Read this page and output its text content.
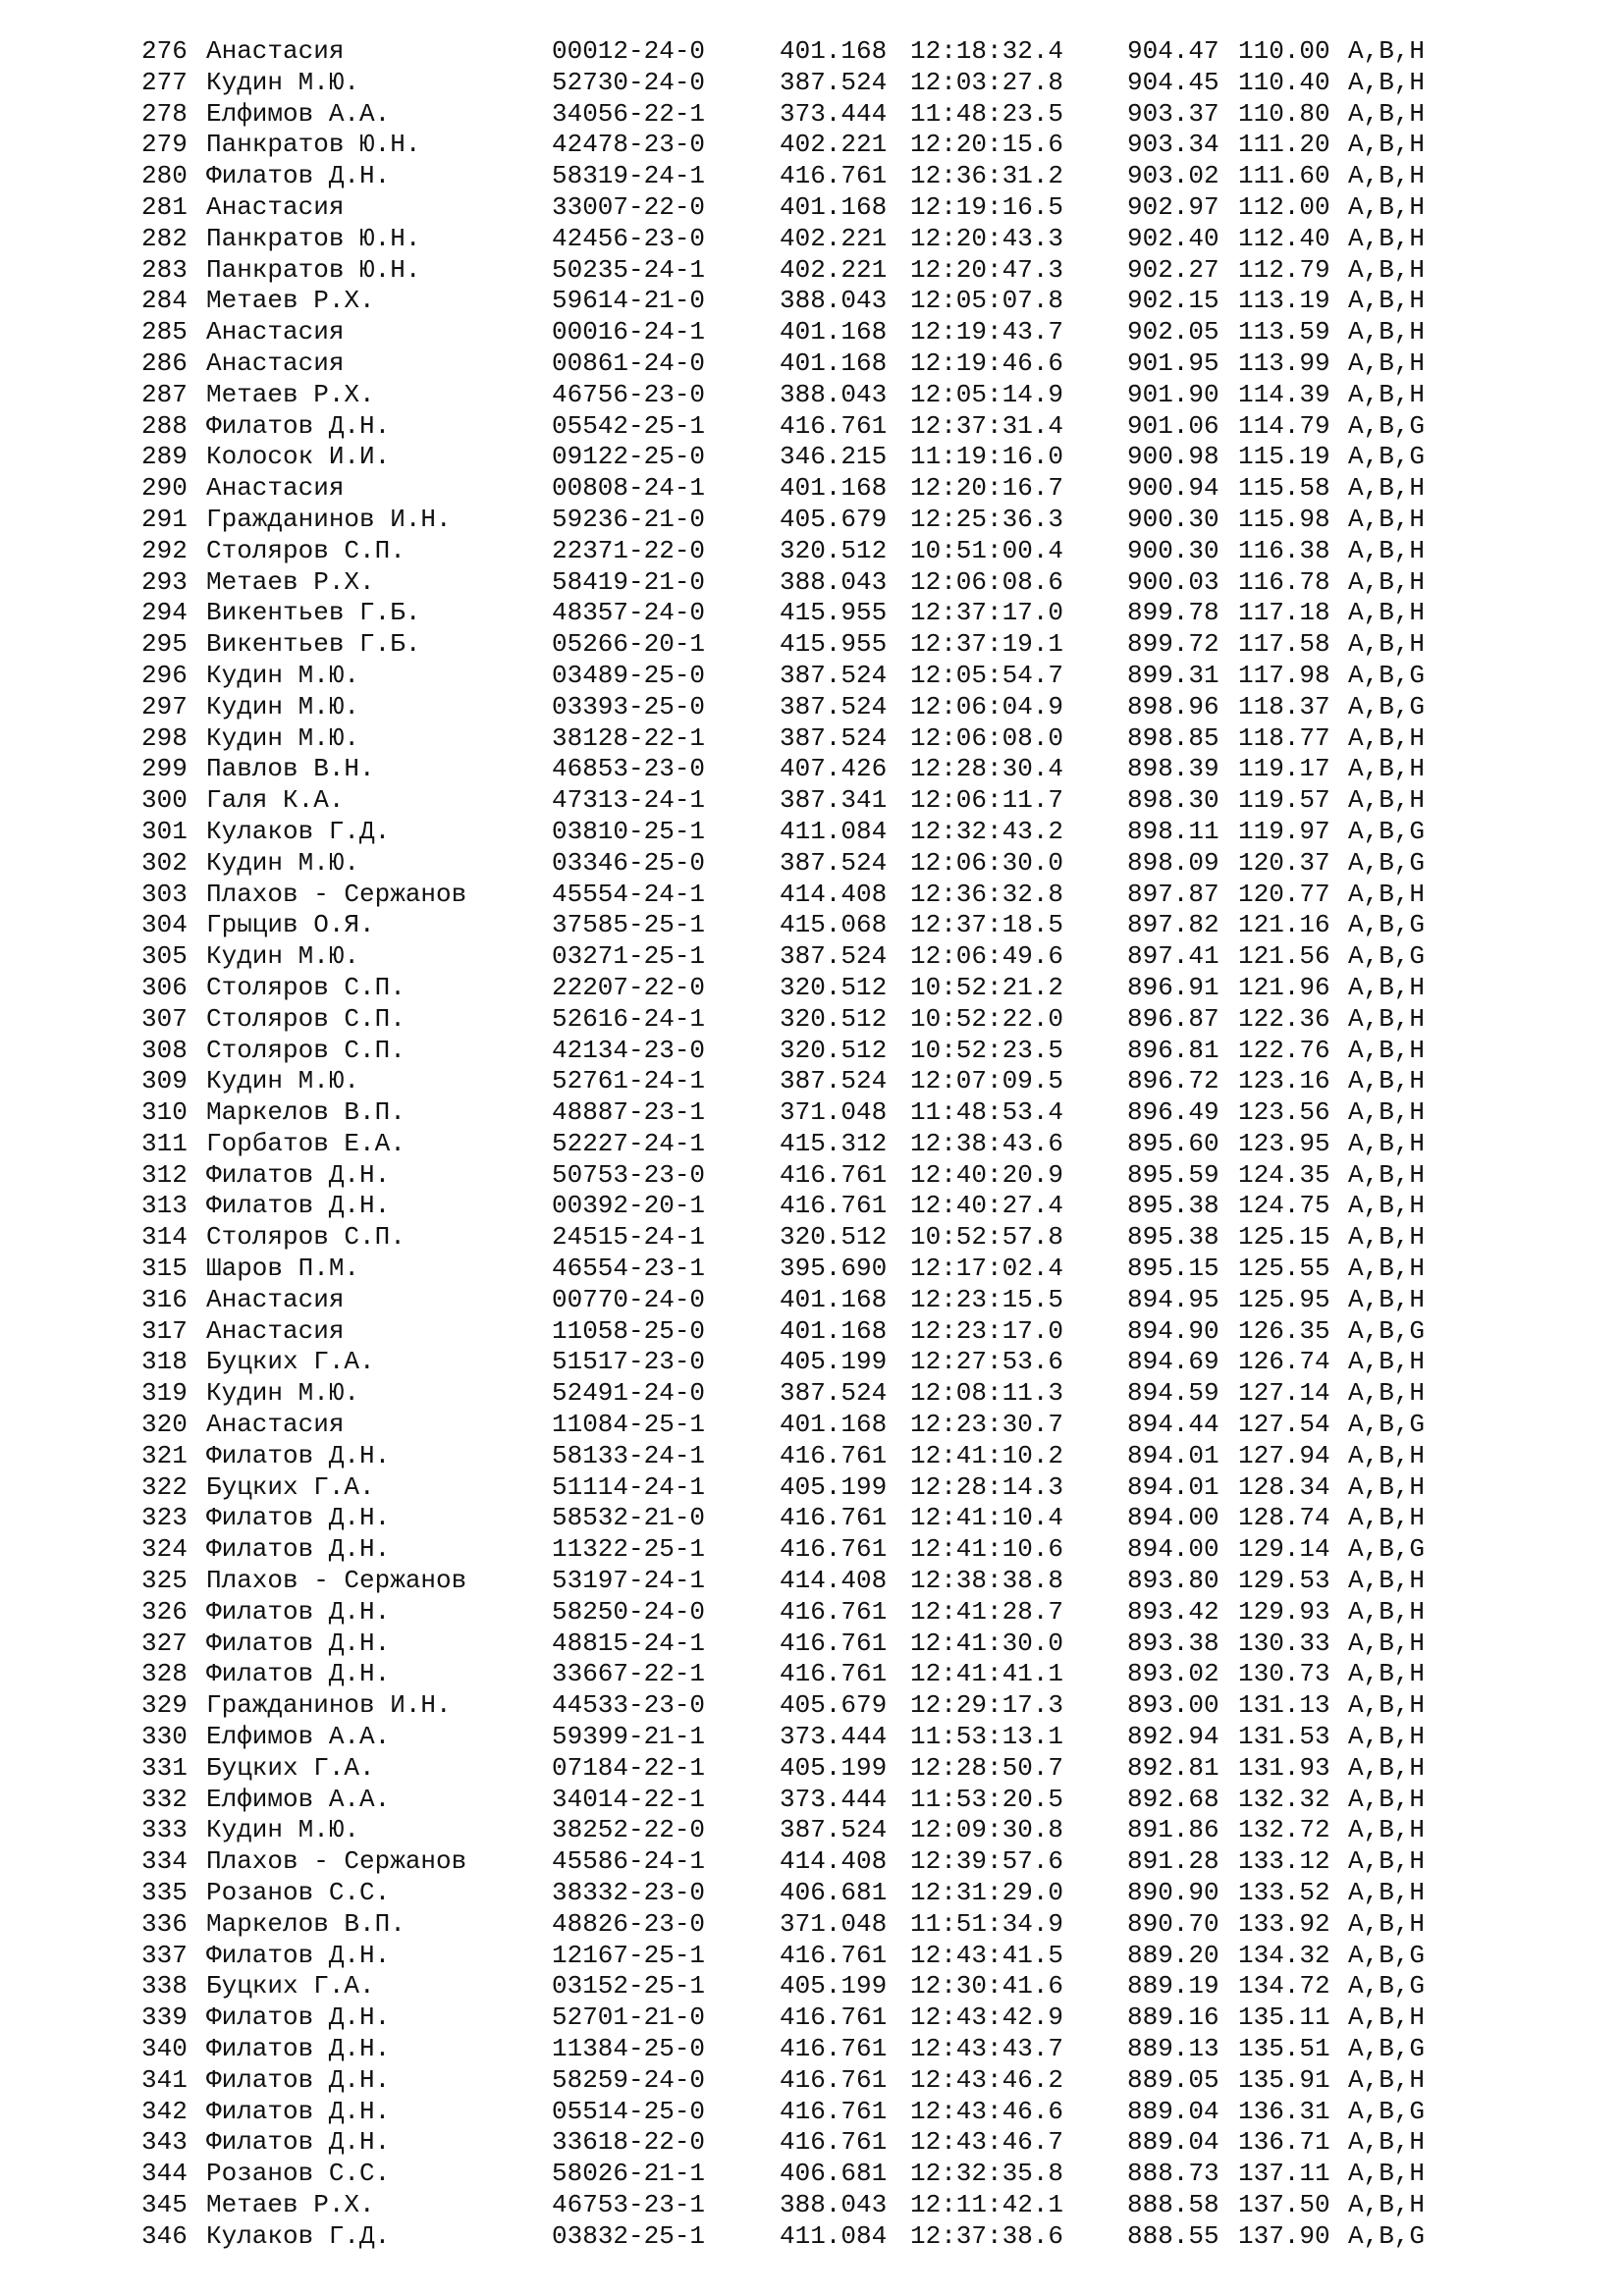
276 Анастасия	00012-24-0	401.168 12:18:32.4 904.47 110.00 A,B,H
277 Кудин М.Ю.	52730-24-0	387.524 12:03:27.8 904.45 110.40 A,B,H
278 Елфимов А.А.	34056-22-1	373.444 11:48:23.5 903.37 110.80 A,B,H
279 Панкратов Ю.Н.	42478-23-0	402.221 12:20:15.6 903.34 111.20 A,B,H
280 Филатов Д.Н.	58319-24-1	416.761 12:36:31.2 903.02 111.60 A,B,H
281 Анастасия	33007-22-0	401.168 12:19:16.5 902.97 112.00 A,B,H
282 Панкратов Ю.Н.	42456-23-0	402.221 12:20:43.3 902.40 112.40 A,B,H
283 Панкратов Ю.Н.	50235-24-1	402.221 12:20:47.3 902.27 112.79 A,B,H
284 Метаев Р.Х.	59614-21-0	388.043 12:05:07.8 902.15 113.19 A,B,H
285 Анастасия	00016-24-1	401.168 12:19:43.7 902.05 113.59 A,B,H
286 Анастасия	00861-24-0	401.168 12:19:46.6 901.95 113.99 A,B,H
287 Метаев Р.Х.	46756-23-0	388.043 12:05:14.9 901.90 114.39 A,B,H
288 Филатов Д.Н.	05542-25-1	416.761 12:37:31.4 901.06 114.79 A,B,G
289 Колосок И.И.	09122-25-0	346.215 11:19:16.0 900.98 115.19 A,B,G
290 Анастасия	00808-24-1	401.168 12:20:16.7 900.94 115.58 A,B,H
291 Гражданинов И.Н.	59236-21-0	405.679 12:25:36.3 900.30 115.98 A,B,H
292 Столяров С.П.	22371-22-0	320.512 10:51:00.4 900.30 116.38 A,B,H
293 Метаев Р.Х.	58419-21-0	388.043 12:06:08.6 900.03 116.78 A,B,H
294 Викентьев Г.Б.	48357-24-0	415.955 12:37:17.0 899.78 117.18 A,B,H
295 Викентьев Г.Б.	05266-20-1	415.955 12:37:19.1 899.72 117.58 A,B,H
296 Кудин М.Ю.	03489-25-0	387.524 12:05:54.7 899.31 117.98 A,B,G
297 Кудин М.Ю.	03393-25-0	387.524 12:06:04.9 898.96 118.37 A,B,G
298 Кудин М.Ю.	38128-22-1	387.524 12:06:08.0 898.85 118.77 A,B,H
299 Павлов В.Н.	46853-23-0	407.426 12:28:30.4 898.39 119.17 A,B,H
300 Галя К.А.	47313-24-1	387.341 12:06:11.7 898.30 119.57 A,B,H
301 Кулаков Г.Д.	03810-25-1	411.084 12:32:43.2 898.11 119.97 A,B,G
302 Кудин М.Ю.	03346-25-0	387.524 12:06:30.0 898.09 120.37 A,B,G
303 Плахов - Сержанов	45554-24-1	414.408 12:36:32.8 897.87 120.77 A,B,H
304 Грыцив О.Я.	37585-25-1	415.068 12:37:18.5 897.82 121.16 A,B,G
305 Кудин М.Ю.	03271-25-1	387.524 12:06:49.6 897.41 121.56 A,B,G
306 Столяров С.П.	22207-22-0	320.512 10:52:21.2 896.91 121.96 A,B,H
307 Столяров С.П.	52616-24-1	320.512 10:52:22.0 896.87 122.36 A,B,H
308 Столяров С.П.	42134-23-0	320.512 10:52:23.5 896.81 122.76 A,B,H
309 Кудин М.Ю.	52761-24-1	387.524 12:07:09.5 896.72 123.16 A,B,H
310 Маркелов В.П.	48887-23-1	371.048 11:48:53.4 896.49 123.56 A,B,H
311 Горбатов Е.А.	52227-24-1	415.312 12:38:43.6 895.60 123.95 A,B,H
312 Филатов Д.Н.	50753-23-0	416.761 12:40:20.9 895.59 124.35 A,B,H
313 Филатов Д.Н.	00392-20-1	416.761 12:40:27.4 895.38 124.75 A,B,H
314 Столяров С.П.	24515-24-1	320.512 10:52:57.8 895.38 125.15 A,B,H
315 Шаров П.М.	46554-23-1	395.690 12:17:02.4 895.15 125.55 A,B,H
316 Анастасия	00770-24-0	401.168 12:23:15.5 894.95 125.95 A,B,H
317 Анастасия	11058-25-0	401.168 12:23:17.0 894.90 126.35 A,B,G
318 Буцких Г.А.	51517-23-0	405.199 12:27:53.6 894.69 126.74 A,B,H
319 Кудин М.Ю.	52491-24-0	387.524 12:08:11.3 894.59 127.14 A,B,H
320 Анастасия	11084-25-1	401.168 12:23:30.7 894.44 127.54 A,B,G
321 Филатов Д.Н.	58133-24-1	416.761 12:41:10.2 894.01 127.94 A,B,H
322 Буцких Г.А.	51114-24-1	405.199 12:28:14.3 894.01 128.34 A,B,H
323 Филатов Д.Н.	58532-21-0	416.761 12:41:10.4 894.00 128.74 A,B,H
324 Филатов Д.Н.	11322-25-1	416.761 12:41:10.6 894.00 129.14 A,B,G
325 Плахов - Сержанов	53197-24-1	414.408 12:38:38.8 893.80 129.53 A,B,H
326 Филатов Д.Н.	58250-24-0	416.761 12:41:28.7 893.42 129.93 A,B,H
327 Филатов Д.Н.	48815-24-1	416.761 12:41:30.0 893.38 130.33 A,B,H
328 Филатов Д.Н.	33667-22-1	416.761 12:41:41.1 893.02 130.73 A,B,H
329 Гражданинов И.Н.	44533-23-0	405.679 12:29:17.3 893.00 131.13 A,B,H
330 Елфимов А.А.	59399-21-1	373.444 11:53:13.1 892.94 131.53 A,B,H
331 Буцких Г.А.	07184-22-1	405.199 12:28:50.7 892.81 131.93 A,B,H
332 Елфимов А.А.	34014-22-1	373.444 11:53:20.5 892.68 132.32 A,B,H
333 Кудин М.Ю.	38252-22-0	387.524 12:09:30.8 891.86 132.72 A,B,H
334 Плахов - Сержанов	45586-24-1	414.408 12:39:57.6 891.28 133.12 A,B,H
335 Розанов С.С.	38332-23-0	406.681 12:31:29.0 890.90 133.52 A,B,H
336 Маркелов В.П.	48826-23-0	371.048 11:51:34.9 890.70 133.92 A,B,H
337 Филатов Д.Н.	12167-25-1	416.761 12:43:41.5 889.20 134.32 A,B,G
338 Буцких Г.А.	03152-25-1	405.199 12:30:41.6 889.19 134.72 A,B,G
339 Филатов Д.Н.	52701-21-0	416.761 12:43:42.9 889.16 135.11 A,B,H
340 Филатов Д.Н.	11384-25-0	416.761 12:43:43.7 889.13 135.51 A,B,G
341 Филатов Д.Н.	58259-24-0	416.761 12:43:46.2 889.05 135.91 A,B,H
342 Филатов Д.Н.	05514-25-0	416.761 12:43:46.6 889.04 136.31 A,B,G
343 Филатов Д.Н.	33618-22-0	416.761 12:43:46.7 889.04 136.71 A,B,H
344 Розанов С.С.	58026-21-1	406.681 12:32:35.8 888.73 137.11 A,B,H
345 Метаев Р.Х.	46753-23-1	388.043 12:11:42.1 888.58 137.50 A,B,H
346 Кулаков Г.Д.	03832-25-1	411.084 12:37:38.6 888.55 137.90 A,B,G
